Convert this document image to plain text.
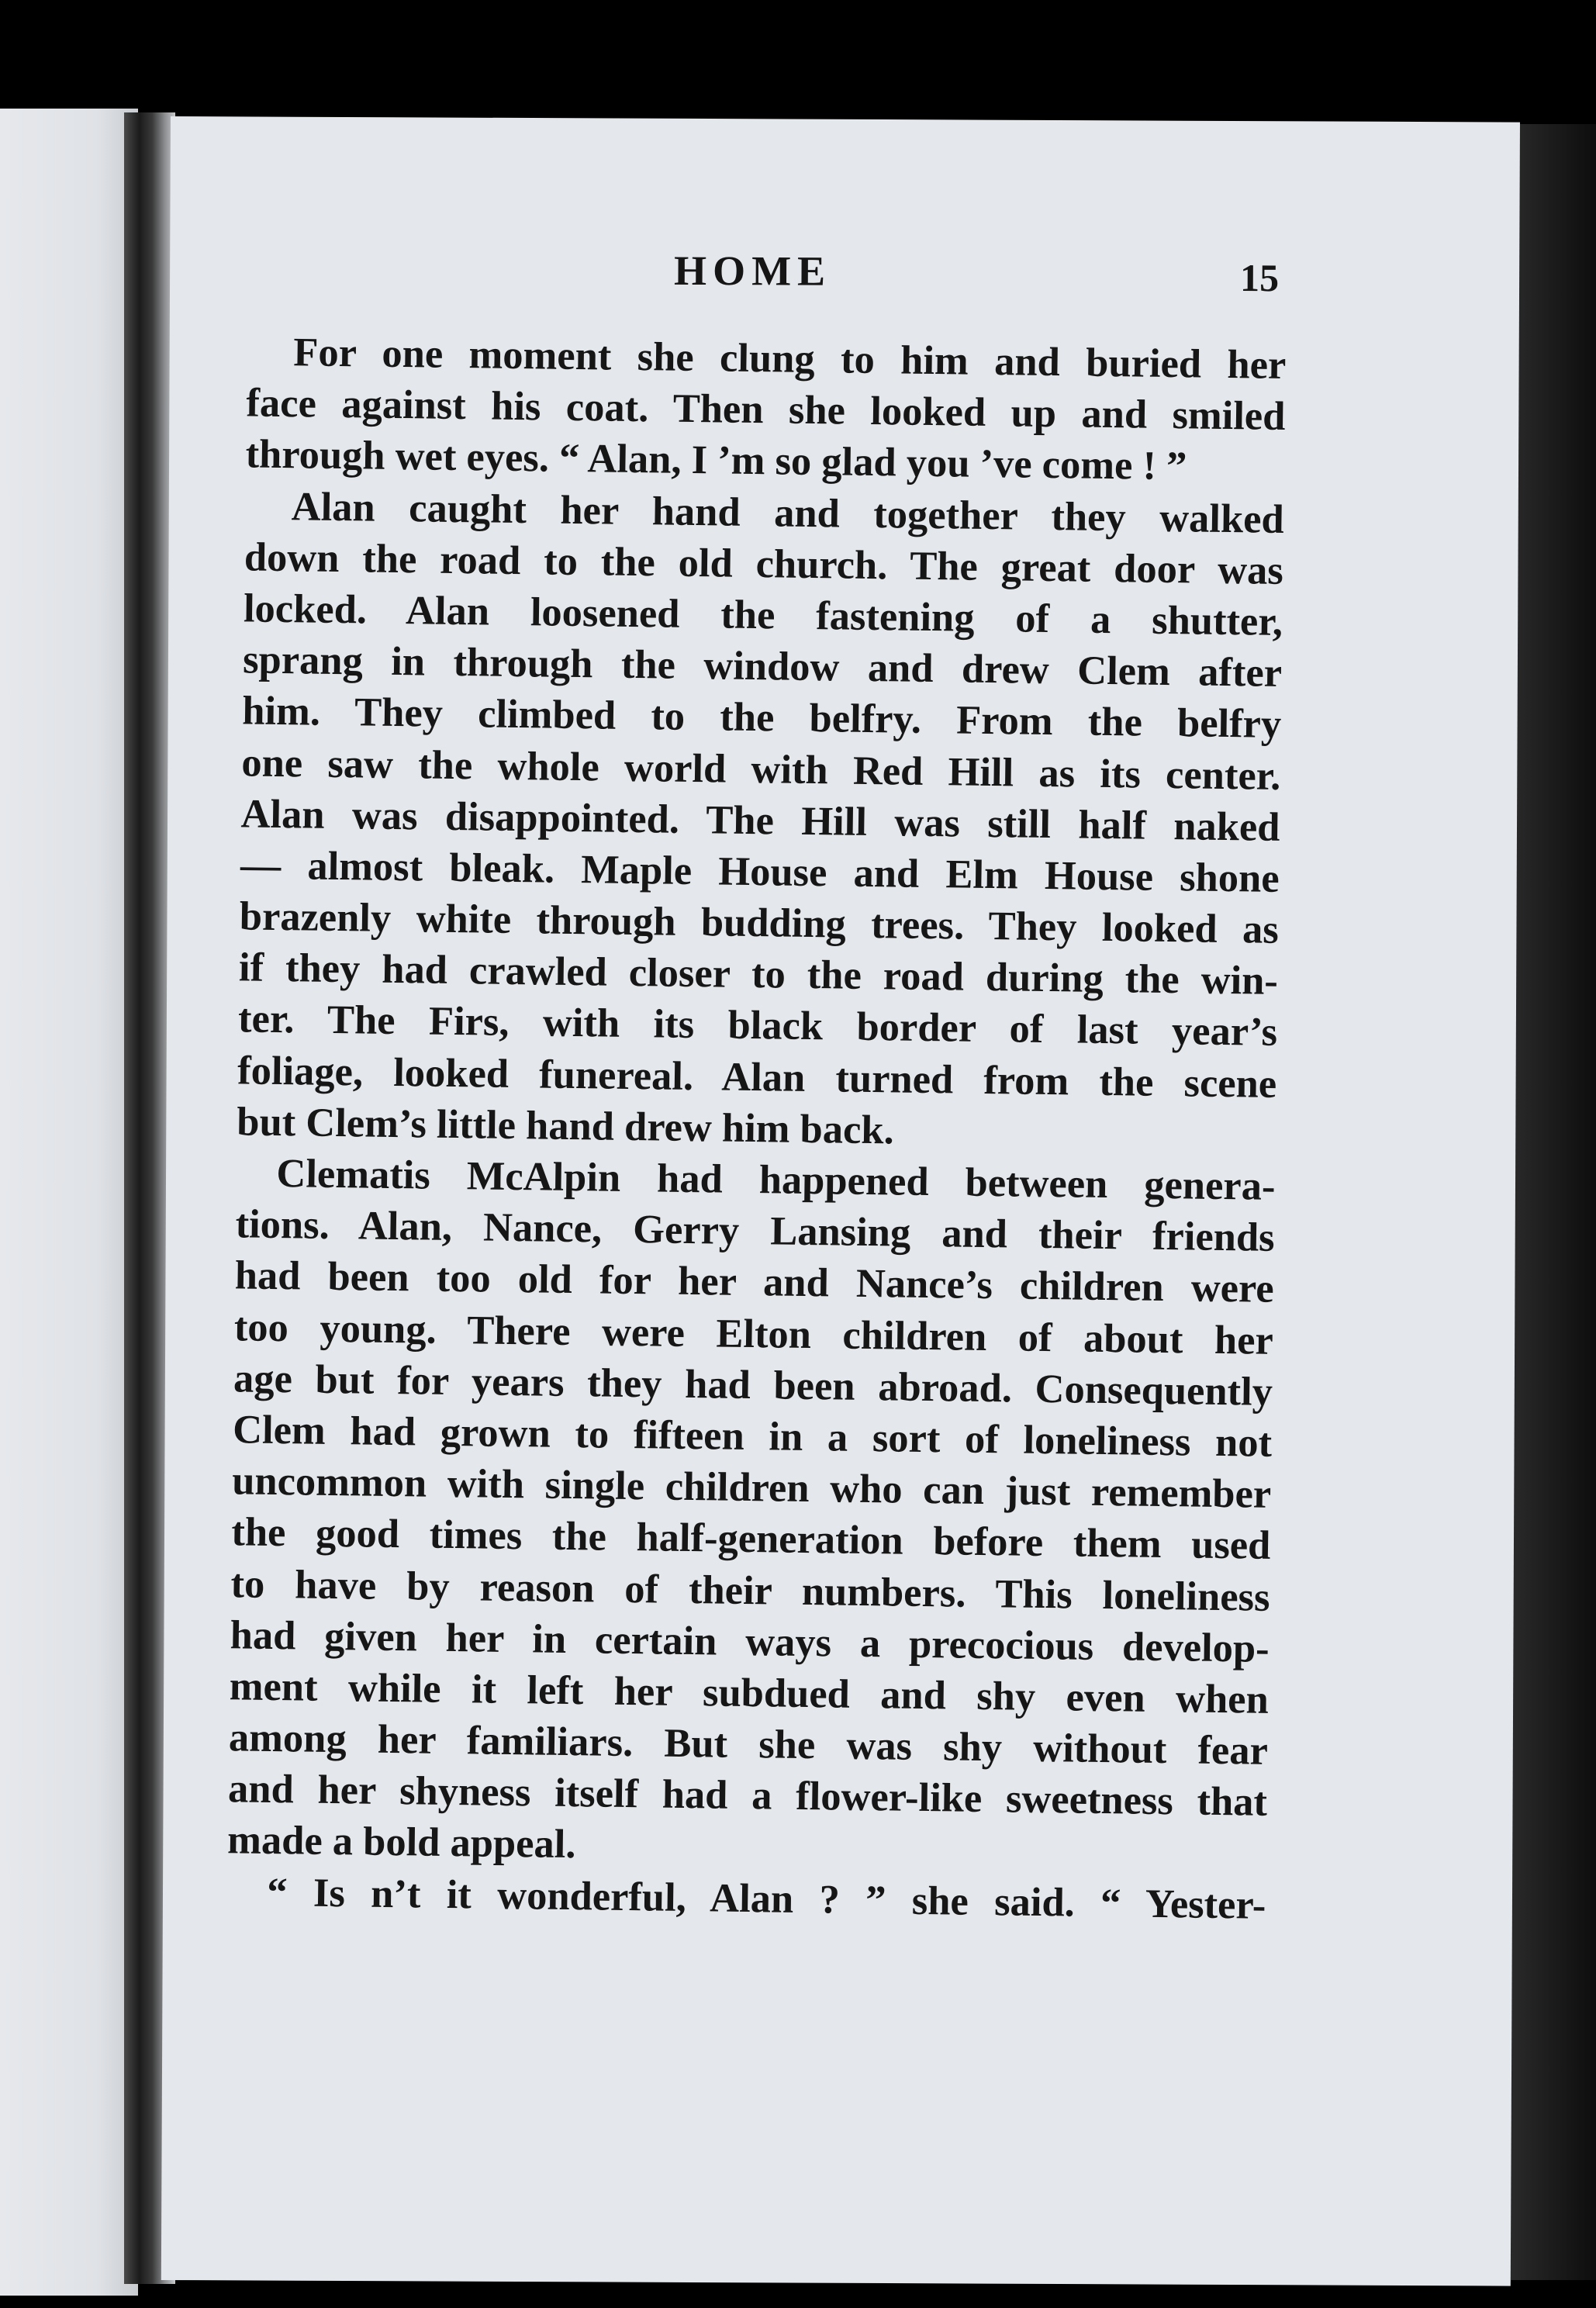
HOME	15
For one moment she clung to him and buried her
face against his coat. Then she looked up and smiled
through wet eyes. “ Alan, I ’m so glad you ’ve come ! ”
Alan caught her hand and together they walked
down the road to the old church. The great door was
locked. Alan loosened the fastening of a shutter,
sprang in through the window and drew Clem after
him. They climbed to the belfry. From the belfry
one saw the whole world with Red Hill as its center.
Alan was disappointed. The Hill was still half naked
— almost bleak. Maple House and Elm House shone
brazenly white through budding trees. They looked as
if they had crawled closer to the road during the win-
ter. The Firs, with its black border of last year’s
foliage, looked funereal. Alan turned from the scene
but Clem’s little hand drew him back.
Clematis McAlpin had happened between genera-
tions. Alan, Nance, Gerry Lansing and their friends
had been too old for her and Nance’s children were
too young. There were Elton children of about her
age but for years they had been abroad. Consequently
Clem had grown to fifteen in a sort of loneliness not
uncommon with single children who can just remember
the good times the half-generation before them used
to have by reason of their numbers. This loneliness
had given her in certain ways a precocious develop-
ment while it left her subdued and shy even when
among her familiars. But she was shy without fear
and her shyness itself had a flower-like sweetness that
made a bold appeal.
“ Is n’t it wonderful, Alan ? ” she said. “ Yester-
